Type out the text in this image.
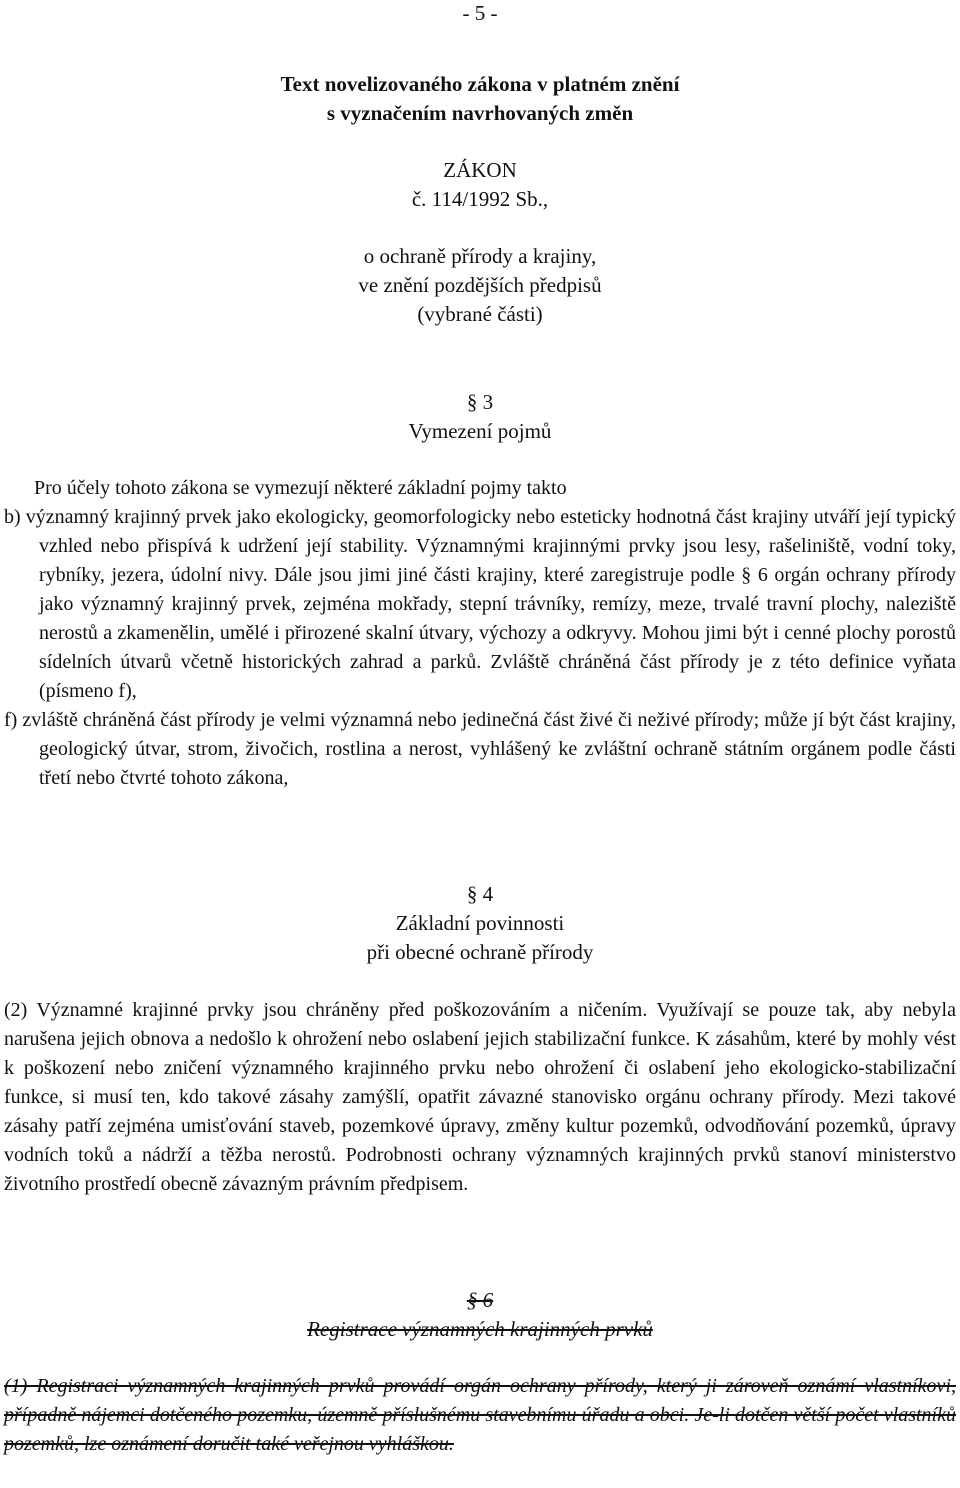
- 5 -
Text novelizovaného zákona v platném znění
s vyznačením navrhovaných změn
ZÁKON
č. 114/1992 Sb.,
o ochraně přírody a krajiny,
ve znění pozdějších předpisů
(vybrané části)
§ 3
Vymezení pojmů
Pro účely tohoto zákona se vymezují některé základní pojmy takto
b) významný krajinný prvek jako ekologicky, geomorfologicky nebo esteticky hodnotná část krajiny utváří její typický vzhled nebo přispívá k udržení její stability. Významnými krajinnými prvky jsou lesy, rašeliniště, vodní toky, rybníky, jezera, údolní nivy. Dále jsou jimi jiné části krajiny, které zaregistruje podle § 6 orgán ochrany přírody jako významný krajinný prvek, zejména mokřady, stepní trávníky, remízy, meze, trvalé travní plochy, naleziště nerostů a zkamenělin, umělé i přirozené skalní útvary, výchozy a odkryvy. Mohou jimi být i cenné plochy porostů sídelních útvarů včetně historických zahrad a parků. Zvláště chráněná část přírody je z této definice vyňata (písmeno f),
f) zvláště chráněná část přírody je velmi významná nebo jedinečná část živé či neživé přírody; může jí být část krajiny, geologický útvar, strom, živočich, rostlina a nerost, vyhlášený ke zvláštní ochraně státním orgánem podle části třetí nebo čtvrté tohoto zákona,
§ 4
Základní povinnosti
při obecné ochraně přírody
(2) Významné krajinné prvky jsou chráněny před poškozováním a ničením. Využívají se pouze tak, aby nebyla narušena jejich obnova a nedošlo k ohrožení nebo oslabení jejich stabilizační funkce. K zásahům, které by mohly vést k poškození nebo zničení významného krajinného prvku nebo ohrožení či oslabení jeho ekologicko-stabilizační funkce, si musí ten, kdo takové zásahy zamýšlí, opatřit závazné stanovisko orgánu ochrany přírody. Mezi takové zásahy patří zejména umisťování staveb, pozemkové úpravy, změny kultur pozemků, odvodňování pozemků, úpravy vodních toků a nádrží a těžba nerostů. Podrobnosti ochrany významných krajinných prvků stanoví ministerstvo životního prostředí obecně závazným právním předpisem.
§ 6
Registrace významných krajinných prvků
(1) Registraci významných krajinných prvků provádí orgán ochrany přírody, který ji zároveň oznámí vlastníkovi, případně nájemci dotčeného pozemku, územně příslušnému stavebnímu úřadu a obci. Je-li dotčen větší počet vlastníků pozemků, lze oznámení doručit také veřejnou vyhláškou.
